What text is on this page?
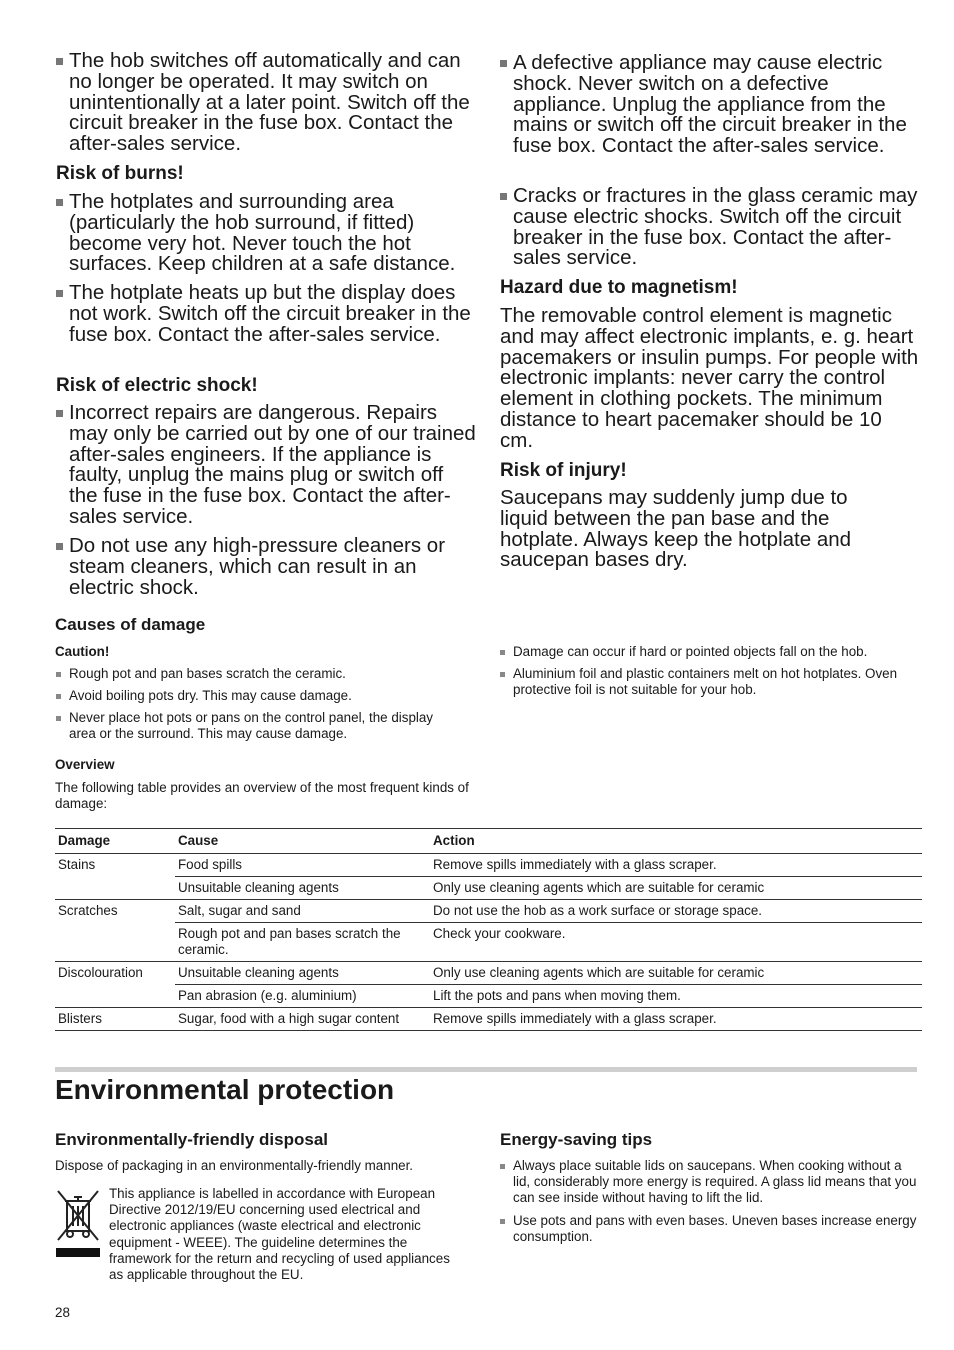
The hob switches off automatically and can no longer be operated. It may switch on unintentionally at a later point. Switch off the circuit breaker in the fuse box. Contact the after-sales service.
Risk of burns!
The hotplates and surrounding area (particularly the hob surround, if fitted) become very hot. Never touch the hot surfaces. Keep children at a safe distance.
The hotplate heats up but the display does not work. Switch off the circuit breaker in the fuse box. Contact the after-sales service.
Risk of electric shock!
Incorrect repairs are dangerous. Repairs may only be carried out by one of our trained after-sales engineers. If the appliance is faulty, unplug the mains plug or switch off the fuse in the fuse box. Contact the after-sales service.
Do not use any high-pressure cleaners or steam cleaners, which can result in an electric shock.
A defective appliance may cause electric shock. Never switch on a defective appliance. Unplug the appliance from the mains or switch off the circuit breaker in the fuse box. Contact the after-sales service.
Cracks or fractures in the glass ceramic may cause electric shocks. Switch off the circuit breaker in the fuse box. Contact the after-sales service.
Hazard due to magnetism!
The removable control element is magnetic and may affect electronic implants, e. g. heart pacemakers or insulin pumps. For people with electronic implants: never carry the control element in clothing pockets. The minimum distance to heart pacemaker should be 10 cm.
Risk of injury!
Saucepans may suddenly jump due to liquid between the pan base and the hotplate. Always keep the hotplate and saucepan bases dry.
Causes of damage
Caution!
Rough pot and pan bases scratch the ceramic.
Avoid boiling pots dry. This may cause damage.
Never place hot pots or pans on the control panel, the display area or the surround. This may cause damage.
Damage can occur if hard or pointed objects fall on the hob.
Aluminium foil and plastic containers melt on hot hotplates. Oven protective foil is not suitable for your hob.
Overview
The following table provides an overview of the most frequent kinds of damage:
Damage	Cause	Action
Stains	Food spills	Remove spills immediately with a glass scraper.
	Unsuitable cleaning agents	Only use cleaning agents which are suitable for ceramic
Scratches	Salt, sugar and sand	Do not use the hob as a work surface or storage space.
	Rough pot and pan bases scratch the ceramic.	Check your cookware.
Discolouration	Unsuitable cleaning agents	Only use cleaning agents which are suitable for ceramic
	Pan abrasion (e.g. aluminium)	Lift the pots and pans when moving them.
Blisters	Sugar, food with a high sugar content	Remove spills immediately with a glass scraper.
Environmental protection
Environmentally-friendly disposal
Dispose of packaging in an environmentally-friendly manner.
This appliance is labelled in accordance with European Directive 2012/19/EU concerning used electrical and electronic appliances (waste electrical and electronic equipment - WEEE). The guideline determines the framework for the return and recycling of used appliances as applicable throughout the EU.
Energy-saving tips
Always place suitable lids on saucepans. When cooking without a lid, considerably more energy is required. A glass lid means that you can see inside without having to lift the lid.
Use pots and pans with even bases. Uneven bases increase energy consumption.
28
